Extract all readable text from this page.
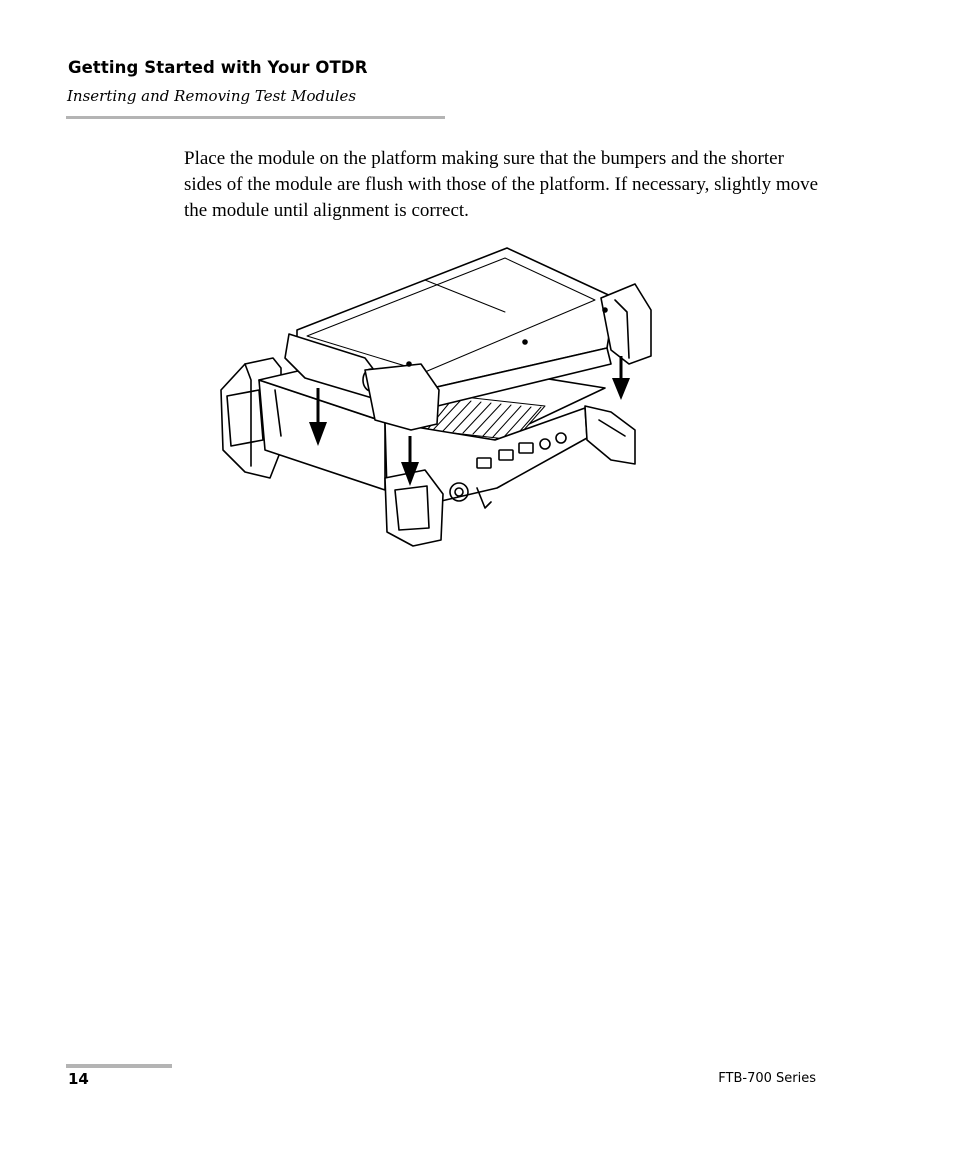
Getting Started with Your OTDR
Inserting and Removing Test Modules

Place the module on the platform making sure that the bumpers and the shorter sides of the module are flush with those of the platform. If necessary, slightly move the module until alignment is correct.

14	FTB-700 Series
